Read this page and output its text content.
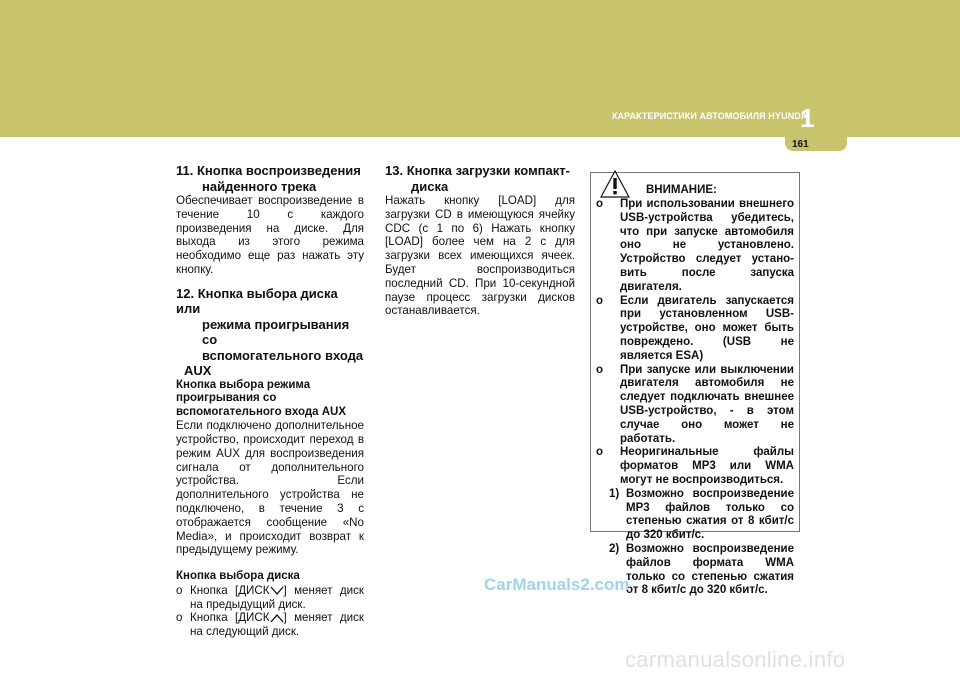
ХАРАКТЕРИСТИКИ АВТОМОБИЛЯ HYUNDAI
1
161
11. Кнопка воспроизведения
найденного трека
Обеспечивает воспроизведение в течение 10 с каждого произведения на диске. Для выхода из этого режима необходимо еще раз нажать эту кнопку.
12. Кнопка выбора диска или
режима проигрывания со
вспомогательного входа
AUX
Кнопка выбора режима проигрывания со вспомогательного входа AUX
Если подключено дополнительное устройство, происходит переход в режим AUX для воспроизведения сигнала от дополнительного устройства. Если дополнительного устройства не подключено, в течение 3 с отображается сообщение «No Media», и происходит возврат к предыдущему режиму.
Кнопка выбора диска
o Кнопка [ДИСК ] меняет диск на предыдущий диск.
o Кнопка [ДИСК ] меняет диск на следующий диск.
13. Кнопка загрузки компакт-
диска
Нажать кнопку [LOAD] для загрузки CD в имеющуюся ячейку CDC (с 1 по 6) Нажать кнопку [LOAD] более чем на 2 с для загрузки всех имеющихся ячеек. Будет воспроизводиться последний CD. При 10-секундной паузе процесс загрузки дисков останавливается.
ВНИМАНИЕ:
o При использовании внешнего USB-устройства убедитесь, что при запуске автомобиля оно не установлено. Устройство следует устано-вить после запуска двигателя.
o Если двигатель запускается при установленном USB-устройстве, оно может быть повреждено. (USB не является ESA)
o При запуске или выключении двигателя автомобиля не следует подключать внешнее USB-устройство, - в этом случае оно может не работать.
o Неоригинальные файлы форматов MP3 или WMA могут не воспроизводиться.
1) Возможно воспроизведение MP3 файлов только со степенью сжатия от 8 кбит/с до 320 кбит/с.
2) Возможно воспроизведение файлов формата WMA только со степенью сжатия от 8 кбит/с до 320 кбит/с.
CarManuals2.com
carmanualsonline.info
